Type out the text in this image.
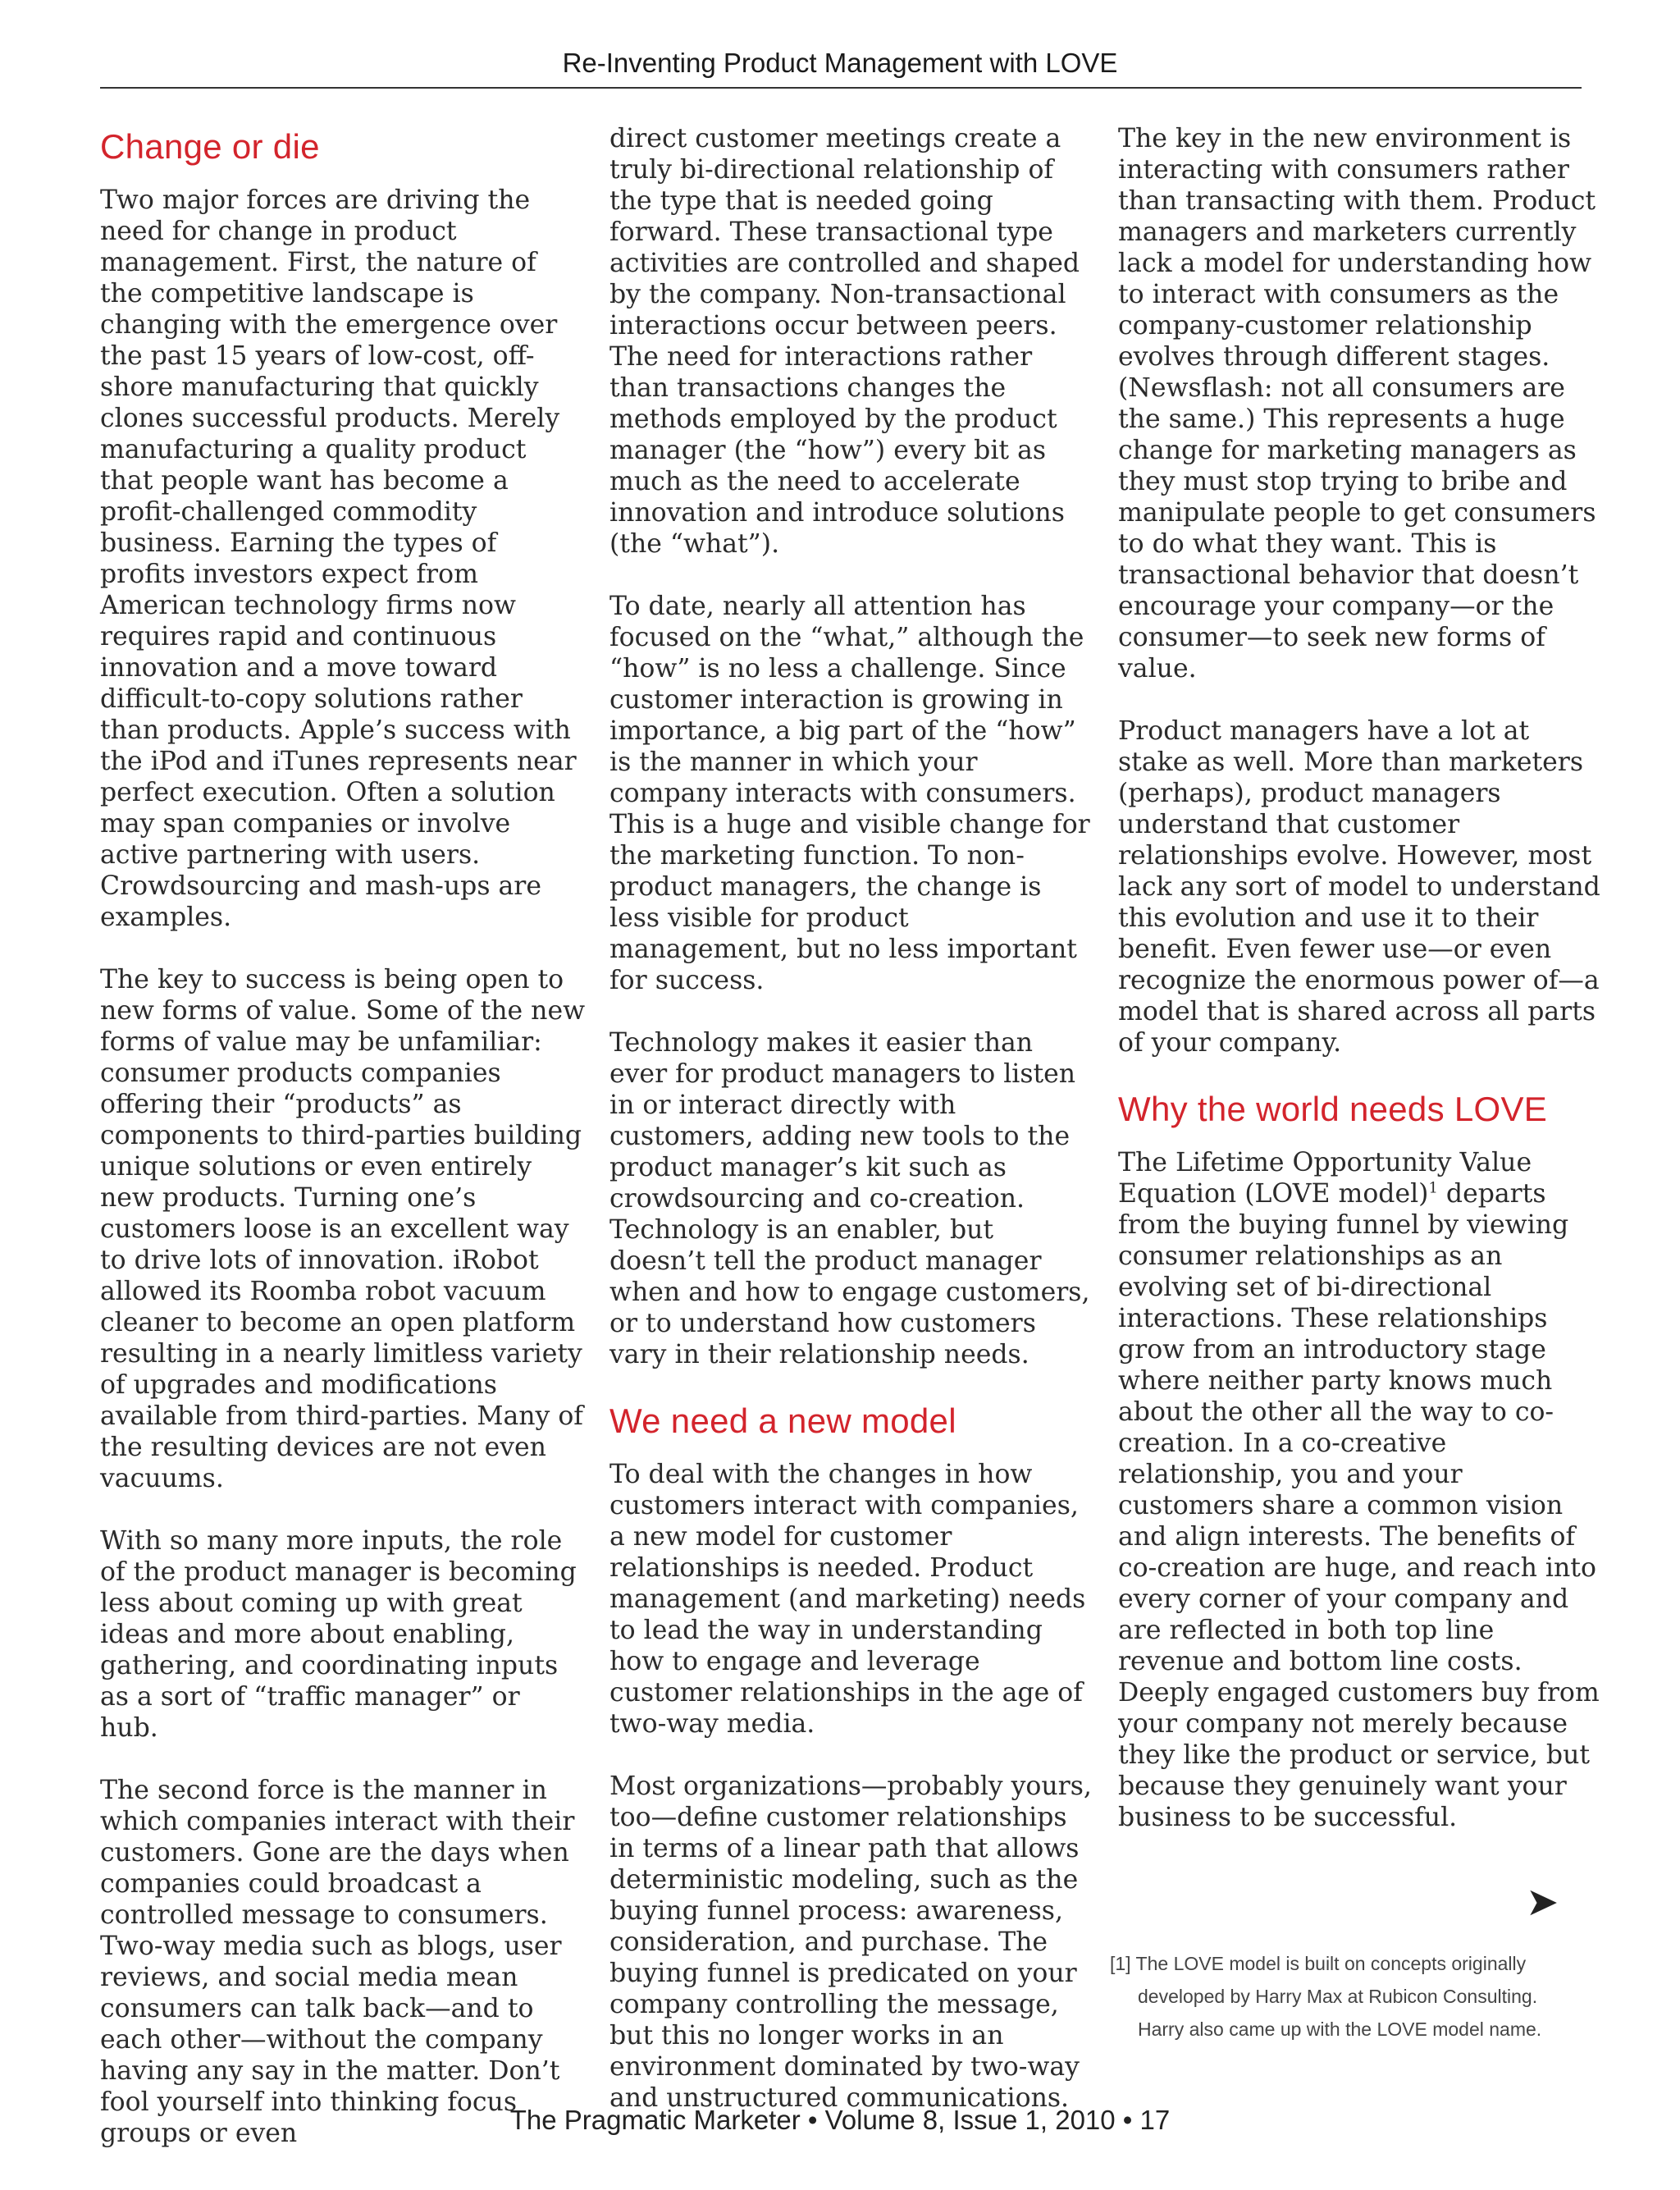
Re-Inventing Product Management with LOVE
Change or die

Two major forces are driving the need for change in product management. First, the nature of the competitive landscape is changing with the emergence over the past 15 years of low-cost, off-shore manufacturing that quickly clones successful products. Merely manufacturing a quality product that people want has become a profit-challenged commodity business. Earning the types of profits investors expect from American technology firms now requires rapid and continuous innovation and a move toward difficult-to-copy solutions rather than products. Apple’s success with the iPod and iTunes represents near perfect execution. Often a solution may span companies or involve active partnering with users. Crowdsourcing and mash-ups are examples.

The key to success is being open to new forms of value. Some of the new forms of value may be unfamiliar: consumer products companies offering their “products” as components to third-parties building unique solutions or even entirely new products. Turning one’s customers loose is an excellent way to drive lots of innovation. iRobot allowed its Roomba robot vacuum cleaner to become an open platform resulting in a nearly limitless variety of upgrades and modifications available from third-parties. Many of the resulting devices are not even vacuums.

With so many more inputs, the role of the product manager is becoming less about coming up with great ideas and more about enabling, gathering, and coordinating inputs as a sort of “traffic manager” or hub.

The second force is the manner in which companies interact with their customers. Gone are the days when companies could broadcast a controlled message to consumers. Two-way media such as blogs, user reviews, and social media mean consumers can talk back—and to each other—without the company having any say in the matter. Don’t fool yourself into thinking focus groups or even

direct customer meetings create a truly bi-directional relationship of the type that is needed going forward. These transactional type activities are controlled and shaped by the company. Non-transactional interactions occur between peers. The need for interactions rather than transactions changes the methods employed by the product manager (the “how”) every bit as much as the need to accelerate innovation and introduce solutions (the “what”).

To date, nearly all attention has focused on the “what,” although the “how” is no less a challenge. Since customer interaction is growing in importance, a big part of the “how” is the manner in which your company interacts with consumers. This is a huge and visible change for the marketing function. To non-product managers, the change is less visible for product management, but no less important for success.

Technology makes it easier than ever for product managers to listen in or interact directly with customers, adding new tools to the product manager’s kit such as crowdsourcing and co-creation. Technology is an enabler, but doesn’t tell the product manager when and how to engage customers, or to understand how customers vary in their relationship needs.

We need a new model

To deal with the changes in how customers interact with companies, a new model for customer relationships is needed. Product management (and marketing) needs to lead the way in understanding how to engage and leverage customer relationships in the age of two-way media.

Most organizations—probably yours, too—define customer relationships in terms of a linear path that allows deterministic modeling, such as the buying funnel process: awareness, consideration, and purchase. The buying funnel is predicated on your company controlling the message, but this no longer works in an environment dominated by two-way and unstructured communications.

The key in the new environment is interacting with consumers rather than transacting with them. Product managers and marketers currently lack a model for understanding how to interact with consumers as the company-customer relationship evolves through different stages. (Newsflash: not all consumers are the same.) This represents a huge change for marketing managers as they must stop trying to bribe and manipulate people to get consumers to do what they want. This is transactional behavior that doesn’t encourage your company—or the consumer—to seek new forms of value.

Product managers have a lot at stake as well. More than marketers (perhaps), product managers understand that customer relationships evolve. However, most lack any sort of model to understand this evolution and use it to their benefit. Even fewer use—or even recognize the enormous power of—a model that is shared across all parts of your company.

Why the world needs LOVE

The Lifetime Opportunity Value Equation (LOVE model)$^1$ departs from the buying funnel by viewing consumer relationships as an evolving set of bi-directional interactions. These relationships grow from an introductory stage where neither party knows much about the other all the way to co-creation. In a co-creative relationship, you and your customers share a common vision and align interests. The benefits of co-creation are huge, and reach into every corner of your company and are reflected in both top line revenue and bottom line costs. Deeply engaged customers buy from your company not merely because they like the product or service, but because they genuinely want your business to be successful.

➤
[1] The LOVE model is built on concepts originally
developed by Harry Max at Rubicon Consulting.
Harry also came up with the LOVE model name.
The Pragmatic Marketer • Volume 8, Issue 1, 2010 • 17
